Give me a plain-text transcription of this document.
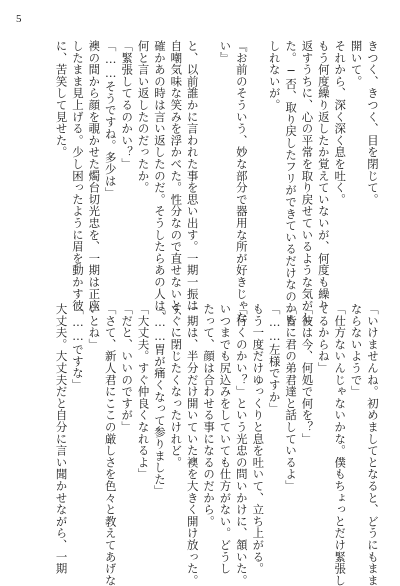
5
きつく、きつく、目を閉じて。
開いて。
それから、深く深く息を吐く。
もう何度繰り返したか覚えていないが、何度も繰り
返すうちに、心の平常を取り戻せているような気がし
た。─否、取り戻したフリができているだけなのかも
しれないが。
『お前のそういう、妙な部分で器用な所が好きじゃな
い』
と、以前誰かに言われた事を思い出す。一期一振は
自嘲気味な笑みを浮かべた。性分なので直せないと、
確かあの時は言い返したのだ。そうしたらあの人は、
何と言い返したのだったか。
「緊張してるのかい？」
「……そうですね。多少は」
襖の間から顔を覗かせた燭台切光忠を、一期は正座
したまま見上げる。少し困ったように眉を動かす彼
に、苦笑して見せた。
「いけませんね。初めましてとなると、どうにもまま
ならないようで」
「仕方ないんじゃないかな。僕もちょっとだけ緊張し
てるからね」
「彼は今、何処で何を？」
「皆に君の弟君達と話しているよ」
「……左様ですか」
もう一度だけゆっくりと息を吐いて、立ち上がる。
「行くのかい？」という光忠の問いかけに、頷いた。
いつまでも尻込みをしていても仕方がない。どうし
たって、顔は合わせる事になるのだから。
一期は、半分だけ開いていた襖を大きく開け放った。
すぐに閉じたくなったけれど。
「……胃が痛くなって参りました」
「大丈夫。すぐ仲良くなれるよ」
「だと、いいのですが」
「さて、新人君にここの厳しさを色々と教えてあげな
いとね」
「……ですな」
大丈夫。大丈夫だと自分に言い聞かせながら、一期
